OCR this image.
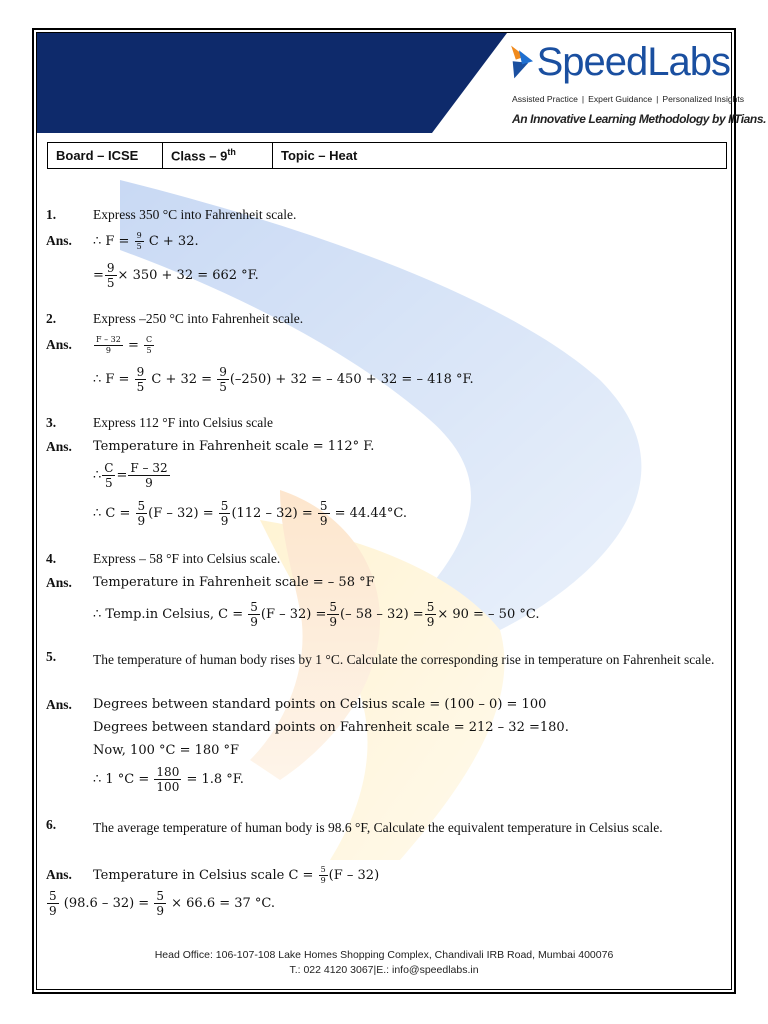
SpeedLabs
Assisted Practice | Expert Guidance | Personalized Insights
An Innovative Learning Methodology by IITians.
Board – ICSE	Class – 9th	Topic – Heat
1.	Express 350 °C into Fahrenheit scale.
Ans. ∴ $F = \frac{9}{5}$ C + 32.
= $\frac{9}{5} \times 350 + 32 = 662$ °F.
2.	Express –250 °C into Fahrenheit scale.
Ans.	$\frac{F - 32}{9} = \frac{C}{5}$
∴ $F = \frac{9}{5}$ $C + 32 = \frac{9}{5} (-250) + 32$ = – 450 + 32 = – 418 °F.
3.	Express 112 °F into Celsius scale
Ans. Temperature in Fahrenheit scale = 112° F.
∴ $\frac{C}{5} = \frac{F - 32}{9}$
∴ $C = \frac{5}{9} (F - 32) = \frac{5}{9} (112 - 32) = \frac{5}{9} = 44.44^\circ C$.
4.	Express – 58 °F into Celsius scale.
Ans. Temperature in Fahrenheit scale = – 58 °F
∴ Temp.in Celsius, $C = \frac{5}{9} (F - 32) = \frac{5}{9}$ (– $58 - 32) = \frac{5}{9} \times 90$ = – 50 °C.
5.	The temperature of human body rises by 1 °C. Calculate the corresponding rise in temperature on Fahrenheit scale.
Ans. Degrees between standard points on Celsius scale = (100 – 0) = 100
Degrees between standard points on Fahrenheit scale = 212 – 32 =180.
Now, 100 °C = 180 °F
∴ 1 $^\circ C = \frac{180}{100} = 1.8$ °F.
6.	The average temperature of human body is 98.6 °F, Calculate the equivalent temperature in Celsius scale.
Ans. Temperature in Celsius scale $C = \frac{5}{9} (F - 32)$
$\frac{5}{9} (98.6 - 32) = \frac{5}{9} \times 66.6 = 37$ °C.
Head Office: 106-107-108 Lake Homes Shopping Complex, Chandivali IRB Road, Mumbai 400076
T.: 022 4120 3067|E.: info@speedlabs.in
